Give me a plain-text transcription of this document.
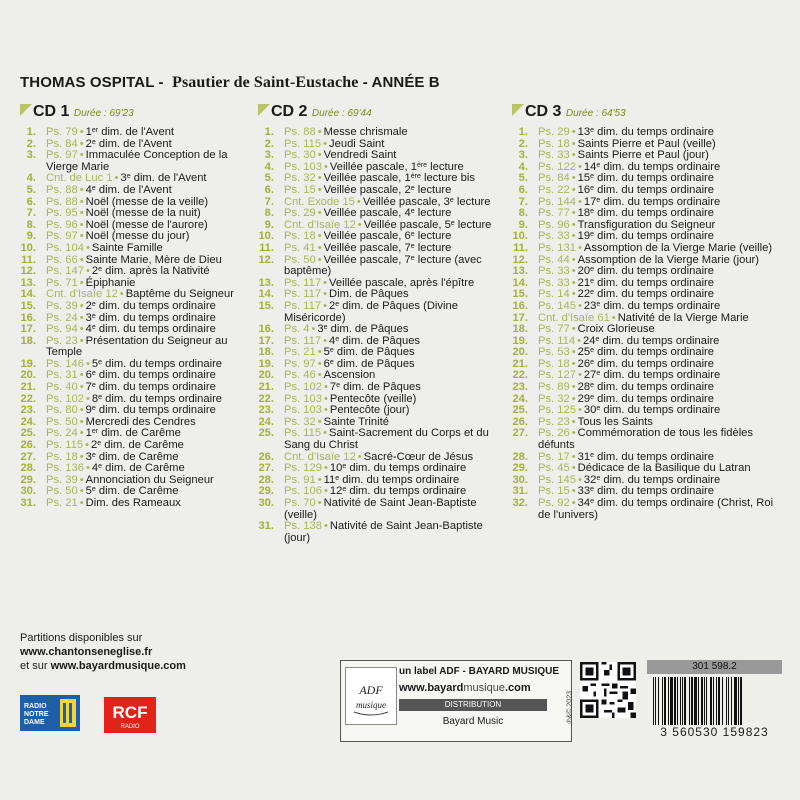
THOMAS OSPITAL - Psautier de Saint-Eustache - ANNÉE B
CD 1 Durée : 69'23
1. Ps. 79 • 1er dim. de l'Avent
2. Ps. 84 • 2e dim. de l'Avent
3. Ps. 97 • Immaculée Conception de la Vierge Marie
4. Cnt. de Luc 1 • 3e dim. de l'Avent
5. Ps. 88 • 4e dim. de l'Avent
6. Ps. 88 • Noël (messe de la veille)
7. Ps. 95 • Noël (messe de la nuit)
8. Ps. 96 • Noël (messe de l'aurore)
9. Ps. 97 • Noël (messe du jour)
10. Ps. 104 • Sainte Famille
11. Ps. 66 • Sainte Marie, Mère de Dieu
12. Ps. 147 • 2e dim. après la Nativité
13. Ps. 71 • Épiphanie
14. Cnt. d'Isaïe 12 • Baptême du Seigneur
15. Ps. 39 • 2e dim. du temps ordinaire
16. Ps. 24 • 3e dim. du temps ordinaire
17. Ps. 94 • 4e dim. du temps ordinaire
18. Ps. 23 • Présentation du Seigneur au Temple
19. Ps. 146 • 5e dim. du temps ordinaire
20. Ps. 31 • 6e dim. du temps ordinaire
21. Ps. 40 • 7e dim. du temps ordinaire
22. Ps. 102 • 8e dim. du temps ordinaire
23. Ps. 80 • 9e dim. du temps ordinaire
24. Ps. 50 • Mercredi des Cendres
25. Ps. 24 • 1er dim. de Carême
26. Ps. 115 • 2e dim. de Carême
27. Ps. 18 • 3e dim. de Carême
28. Ps. 136 • 4e dim. de Carême
29. Ps. 39 • Annonciation du Seigneur
30. Ps. 50 • 5e dim. de Carême
31. Ps. 21 • Dim. des Rameaux
CD 2 Durée : 69'44
1. Ps. 88 • Messe chrismale
2. Ps. 115 • Jeudi Saint
3. Ps. 30 • Vendredi Saint
4. Ps. 103 • Veillée pascale, 1ère lecture
5. Ps. 32 • Veillée pascale, 1ère lecture bis
6. Ps. 15 • Veillée pascale, 2e lecture
7. Cnt. Exode 15 • Veillée pascale, 3e lecture
8. Ps. 29 • Veillée pascale, 4e lecture
9. Cnt. d'Isaïe 12 • Veillée pascale, 5e lecture
10. Ps. 18 • Veillée pascale, 6e lecture
11. Ps. 41 • Veillée pascale, 7e lecture
12. Ps. 50 • Veillée pascale, 7e lecture (avec baptême)
13. Ps. 117 • Veillée pascale, après l'épître
14. Ps. 117 • Dim. de Pâques
15. Ps. 117 • 2e dim. de Pâques (Divine Miséricorde)
16. Ps. 4 • 3e dim. de Pâques
17. Ps. 117 • 4e dim. de Pâques
18. Ps. 21 • 5e dim. de Pâques
19. Ps. 97 • 6e dim. de Pâques
20. Ps. 46 • Ascension
21. Ps. 102 • 7e dim. de Pâques
22. Ps. 103 • Pentecôte (veille)
23. Ps. 103 • Pentecôte (jour)
24. Ps. 32 • Sainte Trinité
25. Ps. 115 • Saint-Sacrement du Corps et du Sang du Christ
26. Cnt. d'Isaïe 12 • Sacré-Cœur de Jésus
27. Ps. 129 • 10e dim. du temps ordinaire
28. Ps. 91 • 11e dim. du temps ordinaire
29. Ps. 106 • 12e dim. du temps ordinaire
30. Ps. 70 • Nativité de Saint Jean-Baptiste (veille)
31. Ps. 138 • Nativité de Saint Jean-Baptiste (jour)
CD 3 Durée : 64'53
1. Ps. 29 • 13e dim. du temps ordinaire
2. Ps. 18 • Saints Pierre et Paul (veille)
3. Ps. 33 • Saints Pierre et Paul (jour)
4. Ps. 122 • 14e dim. du temps ordinaire
5. Ps. 84 • 15e dim. du temps ordinaire
6. Ps. 22 • 16e dim. du temps ordinaire
7. Ps. 144 • 17e dim. du temps ordinaire
8. Ps. 77 • 18e dim. du temps ordinaire
9. Ps. 96 • Transfiguration du Seigneur
10. Ps. 33 • 19e dim. du temps ordinaire
11. Ps. 131 • Assomption de la Vierge Marie (veille)
12. Ps. 44 • Assomption de la Vierge Marie (jour)
13. Ps. 33 • 20e dim. du temps ordinaire
14. Ps. 33 • 21e dim. du temps ordinaire
15. Ps. 14 • 22e dim. du temps ordinaire
16. Ps. 145 • 23e dim. du temps ordinaire
17. Cnt. d'Isaïe 61 • Nativité de la Vierge Marie
18. Ps. 77 • Croix Glorieuse
19. Ps. 114 • 24e dim. du temps ordinaire
20. Ps. 53 • 25e dim. du temps ordinaire
21. Ps. 18 • 26e dim. du temps ordinaire
22. Ps. 127 • 27e dim. du temps ordinaire
23. Ps. 89 • 28e dim. du temps ordinaire
24. Ps. 32 • 29e dim. du temps ordinaire
25. Ps. 125 • 30e dim. du temps ordinaire
26. Ps. 23 • Tous les Saints
27. Ps. 26 • Commémoration de tous les fidèles défunts
28. Ps. 17 • 31e dim. du temps ordinaire
29. Ps. 45 • Dédicace de la Basilique du Latran
30. Ps. 145 • 32e dim. du temps ordinaire
31. Ps. 15 • 33e dim. du temps ordinaire
32. Ps. 92 • 34e dim. du temps ordinaire (Christ, Roi de l'univers)
Partitions disponibles sur
www.chantonseneglise.fr
et sur www.bayardmusique.com
RADIO
NOTRE
DAME
RCF
RADIO
ADF
musique
un label ADF - BAYARD MUSIQUE
www.bayardmusique.com
DISTRIBUTION
Bayard Music	℗&© 2023
301 598.2
3 560530 159823
